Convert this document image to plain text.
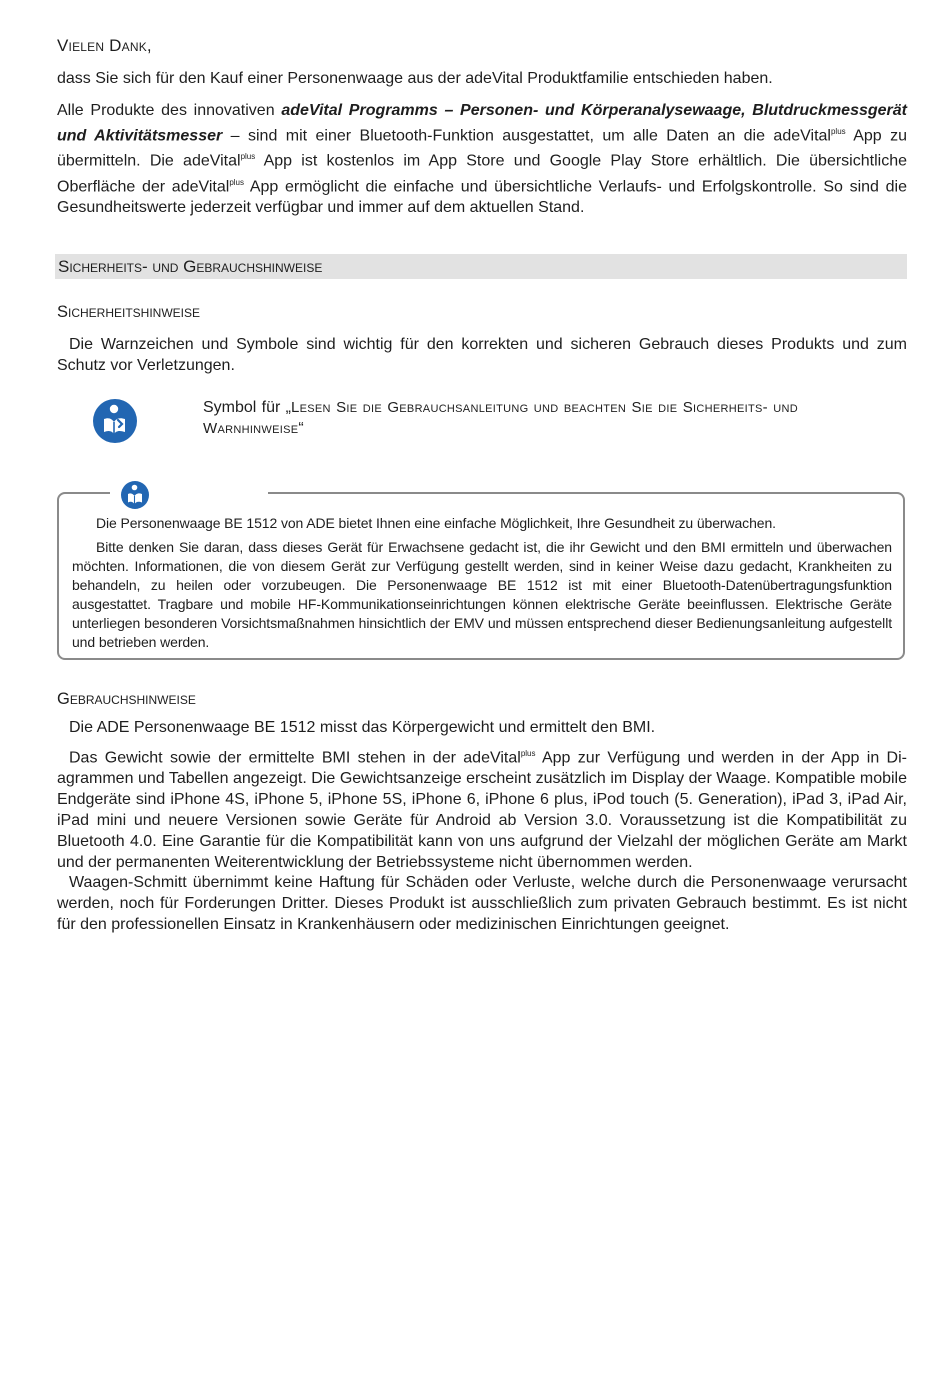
Vielen Dank,

dass Sie sich für den Kauf einer Personenwaage aus der adeVital Produktfamilie entschieden haben.

Alle Produkte des innovativen adeVital Programms – Personen- und Körperanalysewaage, Blutdruckmessgerät und Aktivitätsmesser – sind mit einer Bluetooth-Funktion ausgestattet, um alle Daten an die adeVital$^{plus}$ App zu übermitteln. Die adeVital$^{plus}$ App ist kostenlos im App Store und Google Play Store erhältlich. Die übersichtliche Oberfläche der adeVital$^{plus}$ App ermöglicht die einfache und übersichtliche Verlaufs- und Erfolgskontrolle. So sind die Gesundheitswerte jederzeit verfügbar und immer auf dem aktuellen Stand.

Sicherheits- und Gebrauchshinweise
Sicherheitshinweise

Die Warnzeichen und Symbole sind wichtig für den korrekten und sicheren Gebrauch dieses Produkts und zum Schutz vor Verletzungen.

Symbol für „Lesen Sie die Gebrauchsanleitung und beachten Sie die Sicherheits- und Warnhinweise“

Die Personenwaage BE 1512 von ADE bietet Ihnen eine einfache Möglichkeit, Ihre Gesundheit zu überwachen.

Bitte denken Sie daran, dass dieses Gerät für Erwachsene gedacht ist, die ihr Gewicht und den BMI ermitteln und überwachen möchten. Informationen, die von diesem Gerät zur Verfügung gestellt werden, sind in keiner Weise dazu gedacht, Krankheiten zu behandeln, zu heilen oder vorzubeugen. Die Personenwaage BE 1512 ist mit einer Bluetooth-Datenübertragungsfunktion ausgestattet. Tragbare und mobile HF-Kommunikationseinrichtungen können elektrische Geräte beeinflussen. Elektrische Geräte unterliegen besonderen Vorsichtsmaßnahmen hinsichtlich der EMV und müssen entsprechend dieser Bedienungsanleitung aufgestellt und betrieben werden.

Gebrauchshinweise

Die ADE Personenwaage BE 1512 misst das Körpergewicht und ermittelt den BMI.

Das Gewicht sowie der ermittelte BMI stehen in der adeVital$^{plus}$ App zur Verfügung und werden in der App in Diagrammen und Tabellen angezeigt. Die Gewichtsanzeige erscheint zusätzlich im Display der Waage. Kompatible mobile Endgeräte sind iPhone 4S, iPhone 5, iPhone 5S, iPhone 6, iPhone 6 plus, iPod touch (5. Generation), iPad 3, iPad Air, iPad mini und neuere Versionen sowie Geräte für Android ab Version 3.0. Voraussetzung ist die Kompatibilität zu Bluetooth 4.0. Eine Garantie für die Kompatibilität kann von uns aufgrund der Vielzahl der möglichen Geräte am Markt und der permanenten Weiterentwicklung der Betriebssysteme nicht übernommen werden.

Waagen-Schmitt übernimmt keine Haftung für Schäden oder Verluste, welche durch die Personenwaage verursacht werden, noch für Forderungen Dritter. Dieses Produkt ist ausschließlich zum privaten Gebrauch bestimmt. Es ist nicht für den professionellen Einsatz in Krankenhäusern oder medizinischen Einrichtungen geeignet.
